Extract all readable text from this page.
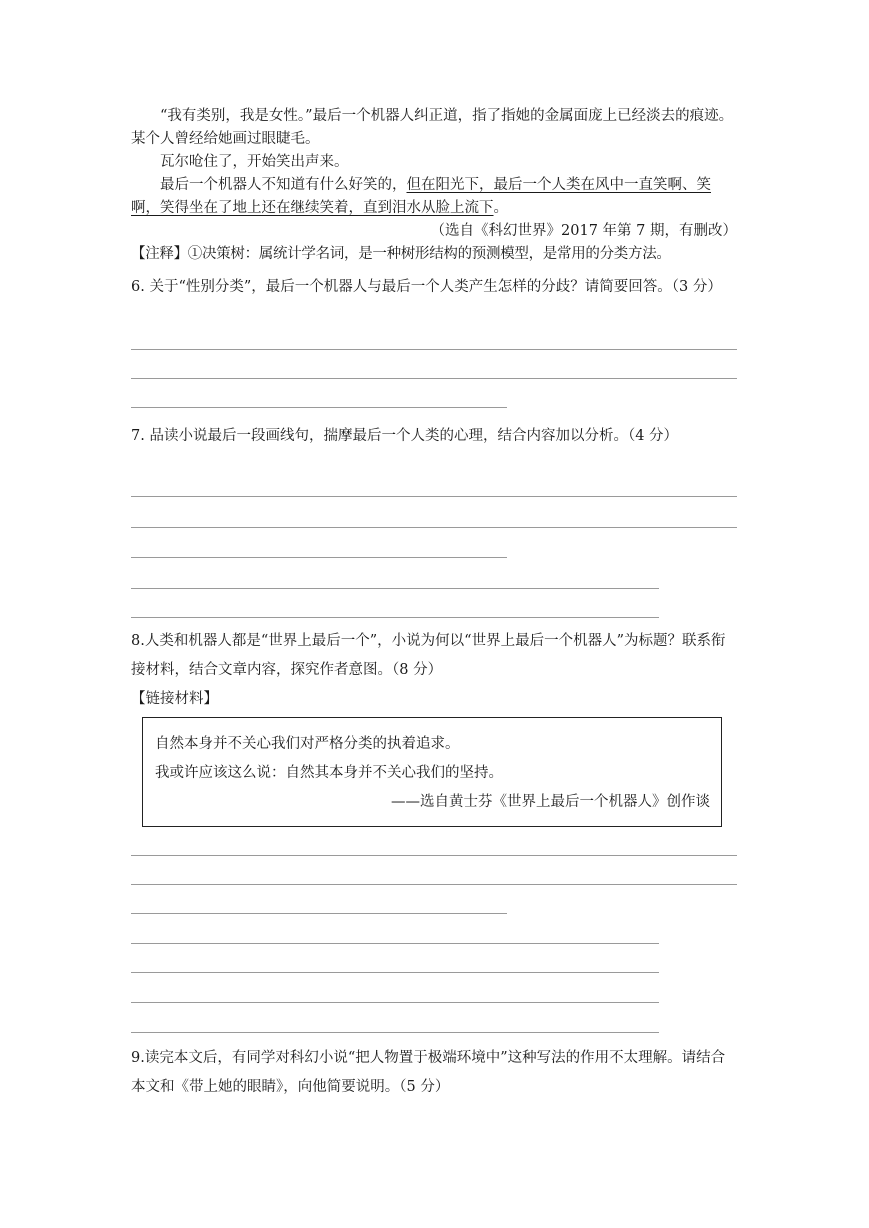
“我有类别，我是女性。”最后一个机器人纠正道，指了指她的金属面庞上已经淡去的痕迹。某个人曾经给她画过眼睫毛。

瓦尔呛住了，开始笑出声来。

最后一个机器人不知道有什么好笑的，但在阳光下，最后一个人类在风中一直笑啊、笑啊，笑得坐在了地上还在继续笑着，直到泪水从脸上流下。

（选自《科幻世界》2017 年第 7 期，有删改）

【注释】①决策树：属统计学名词，是一种树形结构的预测模型，是常用的分类方法。

6. 关于“性别分类”，最后一个机器人与最后一个人类产生怎样的分歧？请简要回答。（3 分）

7. 品读小说最后一段画线句，揣摩最后一个人类的心理，结合内容加以分析。（4 分）

8.人类和机器人都是“世界上最后一个”，小说为何以“世界上最后一个机器人”为标题？联系衔接材料，结合文章内容，探究作者意图。（8 分）

【链接材料】

自然本身并不关心我们对严格分类的执着追求。

我或许应该这么说：自然其本身并不关心我们的坚持。

——选自黄士芬《世界上最后一个机器人》创作谈

9.读完本文后，有同学对科幻小说“把人物置于极端环境中”这种写法的作用不太理解。请结合本文和《带上她的眼睛》，向他简要说明。（5 分）
